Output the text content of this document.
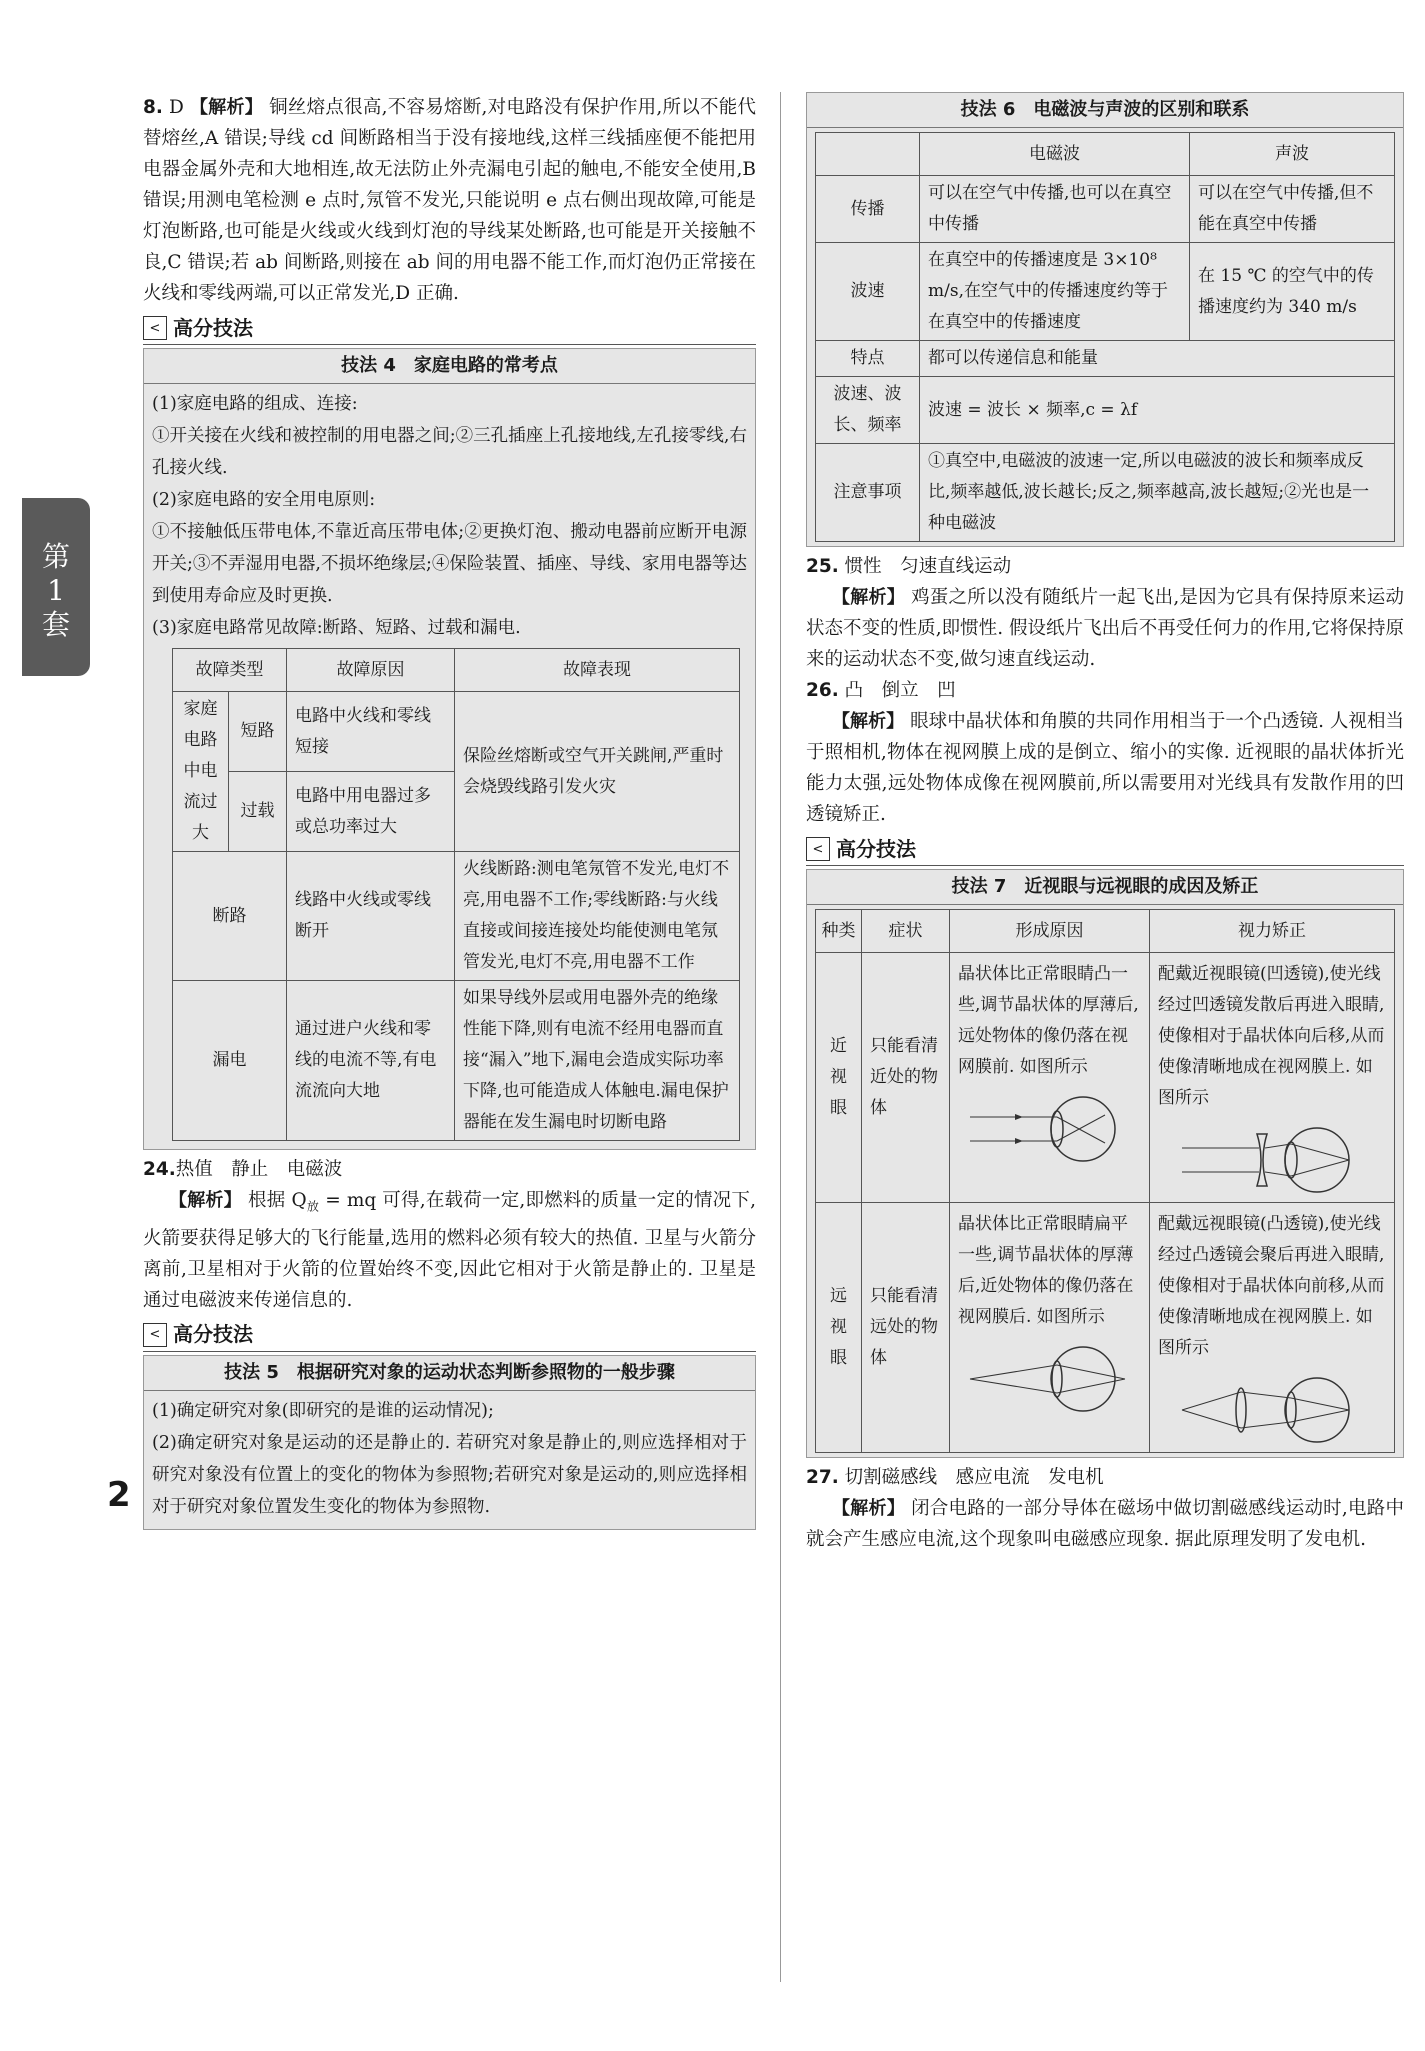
第
1
套
2

8. D 【解析】 铜丝熔点很高,不容易熔断,对电路没有保护作用,所以不能代替熔丝,A 错误;导线 cd 间断路相当于没有接地线,这样三线插座便不能把用电器金属外壳和大地相连,故无法防止外壳漏电引起的触电,不能安全使用,B 错误;用测电笔检测 e 点时,氖管不发光,只能说明 e 点右侧出现故障,可能是灯泡断路,也可能是火线或火线到灯泡的导线某处断路,也可能是开关接触不良,C 错误;若 ab 间断路,则接在 ab 间的用电器不能工作,而灯泡仍正常接在火线和零线两端,可以正常发光,D 正确.

< 高分技法
技法 4　家庭电路的常考点

(1)家庭电路的组成、连接:

①开关接在火线和被控制的用电器之间;②三孔插座上孔接地线,左孔接零线,右孔接火线.

(2)家庭电路的安全用电原则:

①不接触低压带电体,不靠近高压带电体;②更换灯泡、搬动电器前应断开电源开关;③不弄湿用电器,不损坏绝缘层;④保险装置、插座、导线、家用电器等达到使用寿命应及时更换.

(3)家庭电路常见故障:断路、短路、过载和漏电.

故障类型		故障原因	故障表现
家庭电路中电流过大	短路	电路中火线和零线短接	保险丝熔断或空气开关跳闸,严重时会烧毁线路引发火灾
	过载	电路中用电器过多或总功率过大	
断路		线路中火线或零线断开	火线断路:测电笔氖管不发光,电灯不亮,用电器不工作;零线断路:与火线直接或间接连接处均能使测电笔氖管发光,电灯不亮,用电器不工作
漏电		通过进户火线和零线的电流不等,有电流流向大地	如果导线外层或用电器外壳的绝缘性能下降,则有电流不经用电器而直接“漏入”地下,漏电会造成实际功率下降,也可能造成人体触电.漏电保护器能在发生漏电时切断电路

24.热值　静止　电磁波

【解析】 根据 $Q_放$ = mq 可得,在载荷一定,即燃料的质量一定的情况下,火箭要获得足够大的飞行能量,选用的燃料必须有较大的热值. 卫星与火箭分离前,卫星相对于火箭的位置始终不变,因此它相对于火箭是静止的. 卫星是通过电磁波来传递信息的.

< 高分技法
技法 5　根据研究对象的运动状态判断参照物的一般步骤

(1)确定研究对象(即研究的是谁的运动情况);

(2)确定研究对象是运动的还是静止的. 若研究对象是静止的,则应选择相对于研究对象没有位置上的变化的物体为参照物;若研究对象是运动的,则应选择相对于研究对象位置发生变化的物体为参照物.

技法 6　电磁波与声波的区别和联系
	电磁波	声波
传播	可以在空气中传播,也可以在真空中传播	可以在空气中传播,但不能在真空中传播
波速	在真空中的传播速度是 3×10⁸ m/s,在空气中的传播速度约等于在真空中的传播速度	在 15 ℃ 的空气中的传播速度约为 340 m/s
特点	都可以传递信息和能量	
波速、波长、频率	波速 = 波长 × 频率,c = λf	
注意事项	①真空中,电磁波的波速一定,所以电磁波的波长和频率成反比,频率越低,波长越长;反之,频率越高,波长越短;②光也是一种电磁波	

25. 惯性　匀速直线运动

【解析】 鸡蛋之所以没有随纸片一起飞出,是因为它具有保持原来运动状态不变的性质,即惯性. 假设纸片飞出后不再受任何力的作用,它将保持原来的运动状态不变,做匀速直线运动.

26. 凸　倒立　凹

【解析】 眼球中晶状体和角膜的共同作用相当于一个凸透镜. 人视相当于照相机,物体在视网膜上成的是倒立、缩小的实像. 近视眼的晶状体折光能力太强,远处物体成像在视网膜前,所以需要用对光线具有发散作用的凹透镜矫正.

< 高分技法
技法 7　近视眼与远视眼的成因及矫正
种类	症状	形成原因	视力矫正
近视眼	只能看清近处的物体	晶状体比正常眼睛凸一些,调节晶状体的厚薄后,远处物体的像仍落在视网膜前. 如图所示	配戴近视眼镜(凹透镜),使光线经过凹透镜发散后再进入眼睛,使像相对于晶状体向后移,从而使像清晰地成在视网膜上. 如图所示

远视眼	只能看清远处的物体	晶状体比正常眼睛扁平一些,调节晶状体的厚薄后,近处物体的像仍落在视网膜后. 如图所示	配戴远视眼镜(凸透镜),使光线经过凸透镜会聚后再进入眼睛,使像相对于晶状体向前移,从而使像清晰地成在视网膜上. 如图所示

27. 切割磁感线　感应电流　发电机

【解析】 闭合电路的一部分导体在磁场中做切割磁感线运动时,电路中就会产生感应电流,这个现象叫电磁感应现象. 据此原理发明了发电机.
